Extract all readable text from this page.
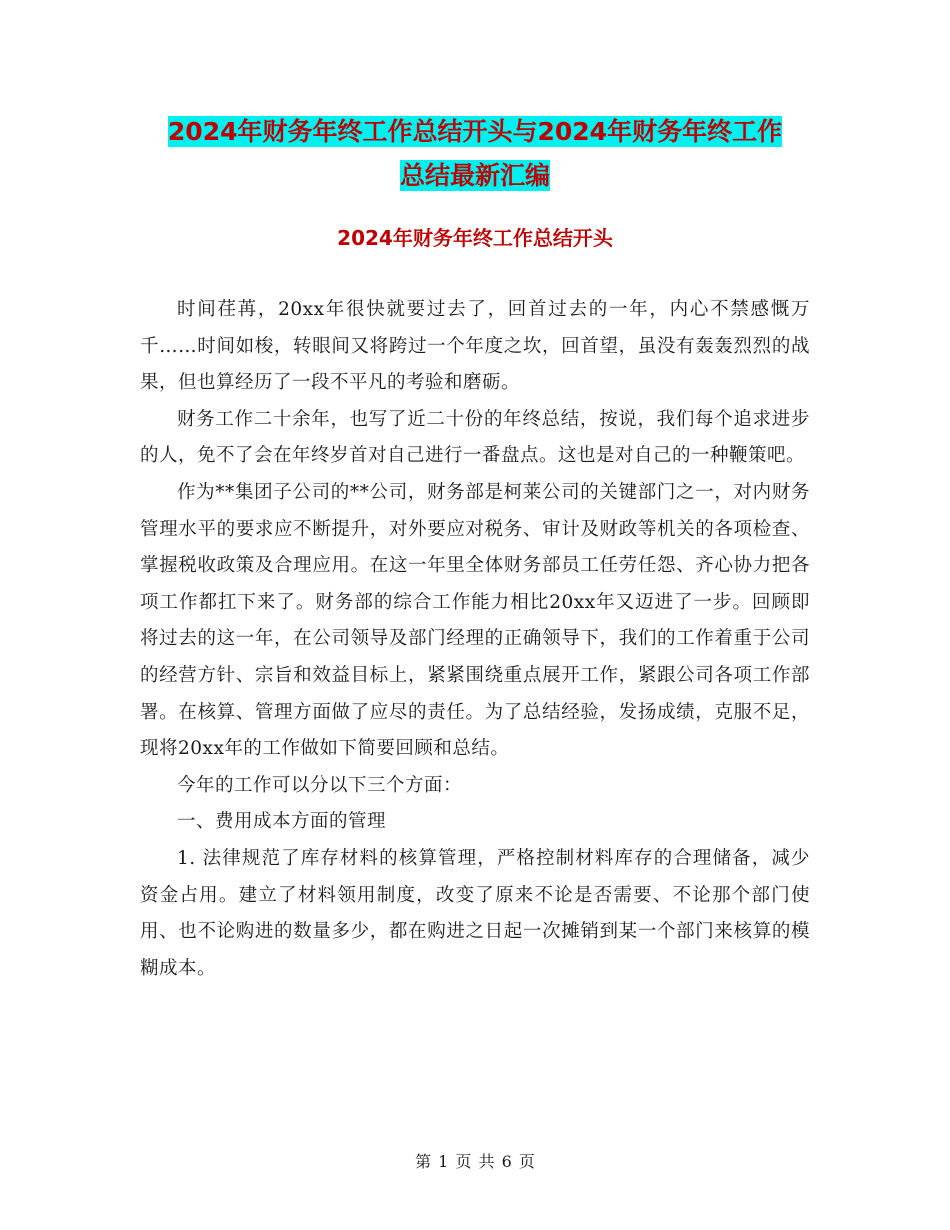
2024年财务年终工作总结开头与2024年财务年终工作
总结最新汇编
2024年财务年终工作总结开头

时间荏苒，20xx年很快就要过去了，回首过去的一年，内心不禁感慨万千……时间如梭，转眼间又将跨过一个年度之坎，回首望，虽没有轰轰烈烈的战果，但也算经历了一段不平凡的考验和磨砺。

财务工作二十余年，也写了近二十份的年终总结，按说，我们每个追求进步的人，免不了会在年终岁首对自己进行一番盘点。这也是对自己的一种鞭策吧。

作为**集团子公司的**公司，财务部是柯莱公司的关键部门之一，对内财务管理水平的要求应不断提升，对外要应对税务、审计及财政等机关的各项检查、掌握税收政策及合理应用。在这一年里全体财务部员工任劳任怨、齐心协力把各项工作都扛下来了。财务部的综合工作能力相比20xx年又迈进了一步。回顾即将过去的这一年，在公司领导及部门经理的正确领导下，我们的工作着重于公司的经营方针、宗旨和效益目标上，紧紧围绕重点展开工作，紧跟公司各项工作部署。在核算、管理方面做了应尽的责任。为了总结经验，发扬成绩，克服不足，现将20xx年的工作做如下简要回顾和总结。

今年的工作可以分以下三个方面：

一、费用成本方面的管理

1. 法律规范了库存材料的核算管理，严格控制材料库存的合理储备，减少资金占用。建立了材料领用制度，改变了原来不论是否需要、不论那个部门使用、也不论购进的数量多少，都在购进之日起一次摊销到某一个部门来核算的模糊成本。

第 1 页 共 6 页
